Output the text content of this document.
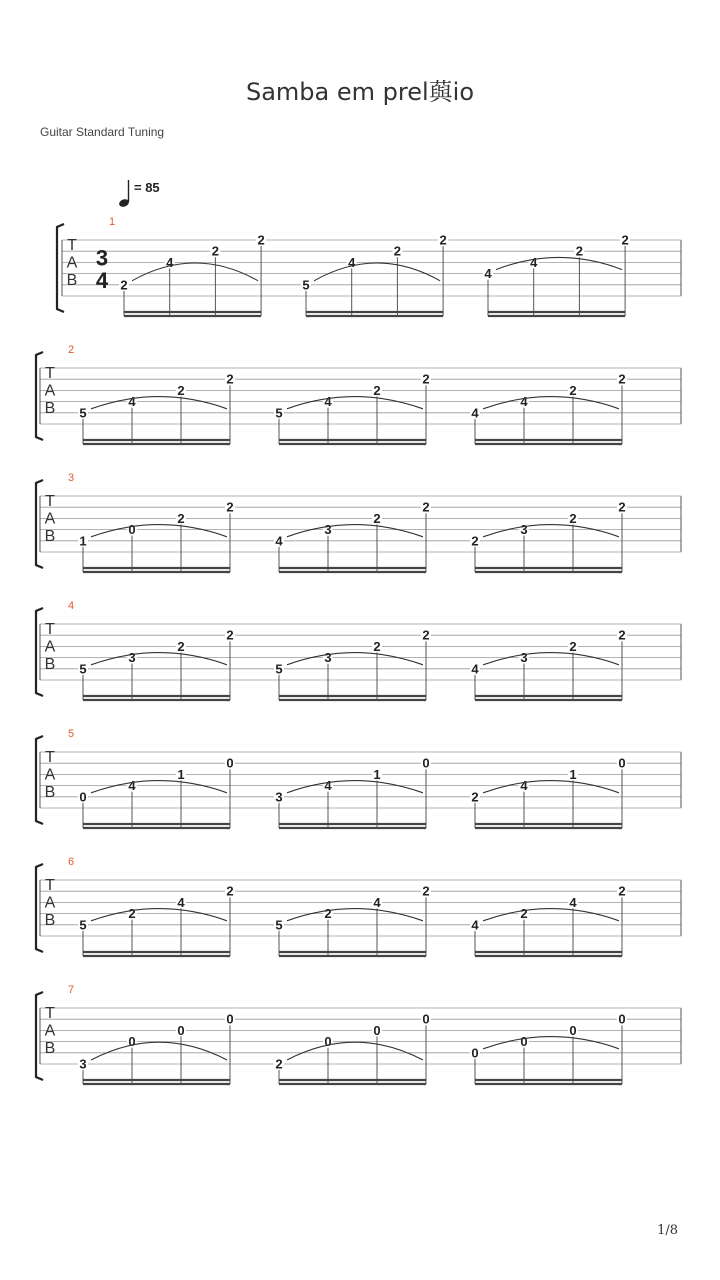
Samba em prel藇io
Guitar Standard Tuning
= 85
T
A
B
3
4
1
2
4
2
2
5
4
2
2
4
4
2
2
T
A
B
2
5
4
2
2
5
4
2
2
4
4
2
2
T
A
B
3
1
0
2
2
4
3
2
2
2
3
2
2
T
A
B
4
5
3
2
2
5
3
2
2
4
3
2
2
T
A
B
5
0
4
1
0
3
4
1
0
2
4
1
0
T
A
B
6
5
2
4
2
5
2
4
2
4
2
4
2
T
A
B
7
3
0
0
0
2
0
0
0
0
0
0
0
1/8
